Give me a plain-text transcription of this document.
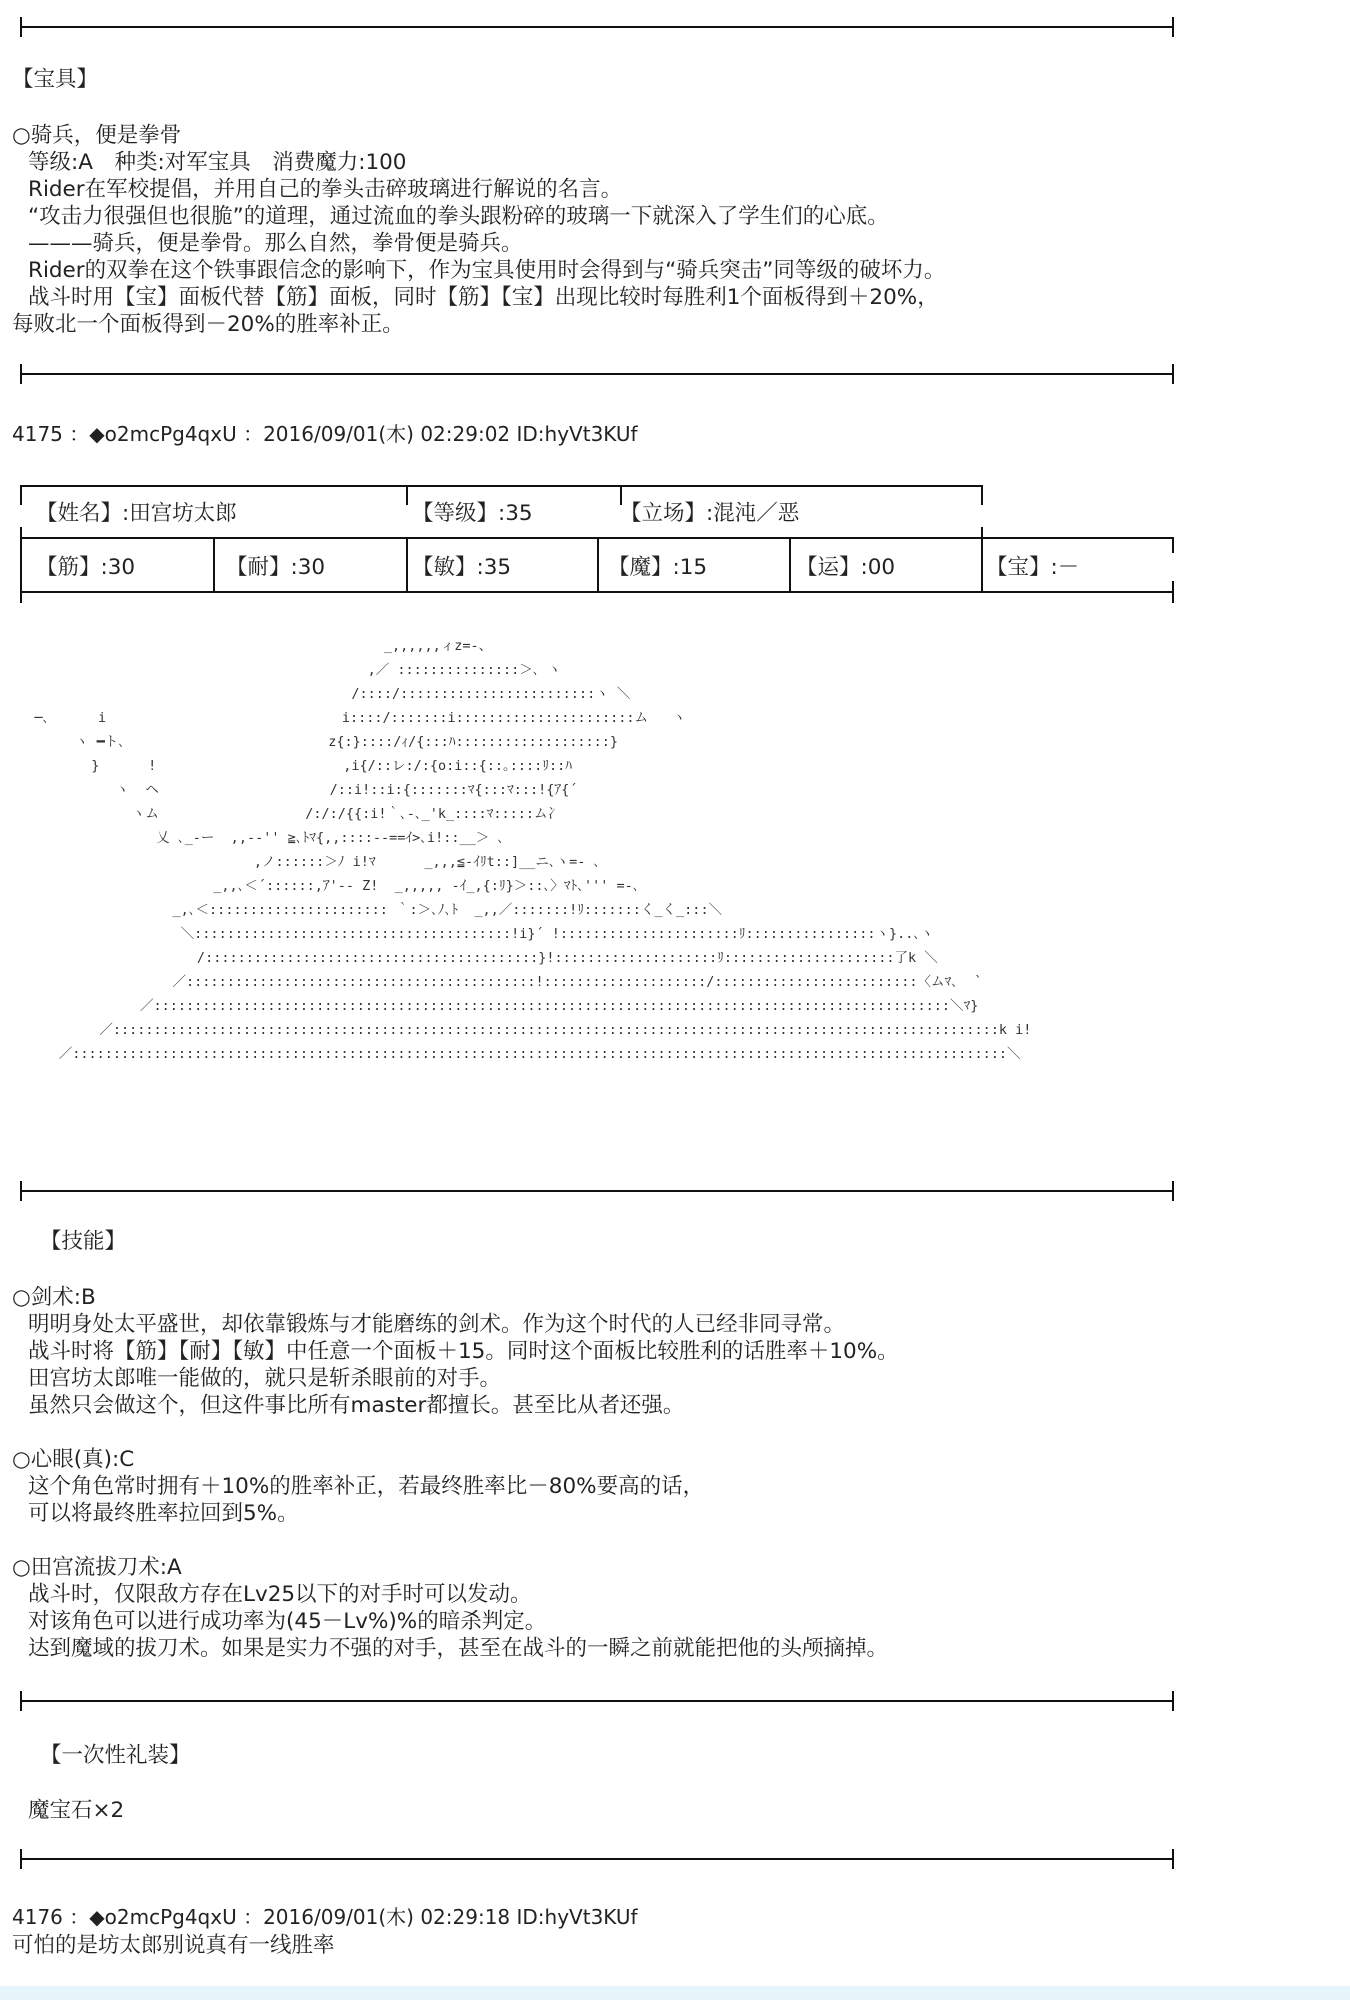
【宝具】
○骑兵，便是拳骨
等级:A　种类:对军宝具　消费魔力:100
Rider在军校提倡，并用自己的拳头击碎玻璃进行解说的名言。
“攻击力很强但也很脆”的道理，通过流血的拳头跟粉碎的玻璃一下就深入了学生们的心底。
———骑兵，便是拳骨。那么自然，拳骨便是骑兵。
Rider的双拳在这个铁事跟信念的影响下，作为宝具使用时会得到与“骑兵突击”同等级的破坏力。
战斗时用【宝】面板代替【筋】面板，同时【筋】【宝】出现比较时每胜利1个面板得到＋20%，
每败北一个面板得到－20%的胜率补正。
4175 ：◆o2mcPg4qxU ：2016/09/01(木) 02:29:02 ID:hyVt3KUf
【姓名】:田宫坊太郎	【等级】:35	【立场】:混沌／恶
【筋】:30	【耐】:30	【敏】:35	【魔】:15	【运】:00	【宝】:－
_,,,,,,ィz=-、
,／ :::::::::::::::＞､ ヽ
/::::/::::::::::::::::::::::::ヽ ＼
─､      i                             i::::/:::::::i::::::::::::::::::::::ム   ヽ
ヽ ━ト､                         z{:}::::/ｨ/{:::ﾊ:::::::::::::::::::}
}      !                       ,i{/::レ:/:{o:i::{::｡::::ﾘ::ﾊ
ヽ  ヘ                     /::i!::i:{:::::::ﾏ{:::ﾏ:::!{ｱ{´
ヽム                  /:/:/{{:i!｀､-､_'k_::::ﾏ:::::ム冫
乂 ､_‐ー  ,,-‐'' ≧､ﾄﾏ{,,::::-‐==ｲ>､i!::__＞ ､
,ノ::::::＞ﾉ i!ﾏ      _,,,≦-ｲﾘt::]__ニ､ヽ=- ､
_,,､＜´::::::,ｱ'-‐ Z!  _,,,,, -ｲ_,{:ﾘ}＞::､〉ﾏﾄ､''' =-､
_,､＜:::::::::::::::::::::: ｀:＞､ﾉ､ﾄ  _,,／:::::::!ﾘ:::::::く_く_:::＼
＼:::::::::::::::::::::::::::::::::::::::!i}´ !::::::::::::::::::::::ﾘ::::::::::::::::ヽ}..､ヽ
/:::::::::::::::::::::::::::::::::::::::::}!::::::::::::::::::::ﾘ:::::::::::::::::::::了k ＼
／:::::::::::::::::::::::::::::::::::::::::::!::::::::::::::::::::/:::::::::::::::::::::::::〈ムﾏ､  `
／::::::::::::::::::::::::::::::::::::::::::::::::::::::::::::::::::::::::::::::::::::::::::::::::::＼ﾏ}
／:::::::::::::::::::::::::::::::::::::::::::::::::::::::::::::::::::::::::::::::::::::::::::::::::::::::::::::k i!
／:::::::::::::::::::::::::::::::::::::::::::::::::::::::::::::::::::::::::::::::::::::::::::::::::::::::::::::::::::＼
【技能】
○剑术:B
明明身处太平盛世，却依靠锻炼与才能磨练的剑术。作为这个时代的人已经非同寻常。
战斗时将【筋】【耐】【敏】中任意一个面板＋15。同时这个面板比较胜利的话胜率＋10%。
田宫坊太郎唯一能做的，就只是斩杀眼前的对手。
虽然只会做这个，但这件事比所有master都擅长。甚至比从者还强。
○心眼(真):C
这个角色常时拥有＋10%的胜率补正，若最终胜率比－80%要高的话，
可以将最终胜率拉回到5%。
○田宫流拔刀术:A
战斗时，仅限敌方存在Lv25以下的对手时可以发动。
对该角色可以进行成功率为(45－Lv%)%的暗杀判定。
达到魔域的拔刀术。如果是实力不强的对手，甚至在战斗的一瞬之前就能把他的头颅摘掉。
【一次性礼装】
魔宝石×2
4176 ：◆o2mcPg4qxU ：2016/09/01(木) 02:29:18 ID:hyVt3KUf
可怕的是坊太郎别说真有一线胜率
